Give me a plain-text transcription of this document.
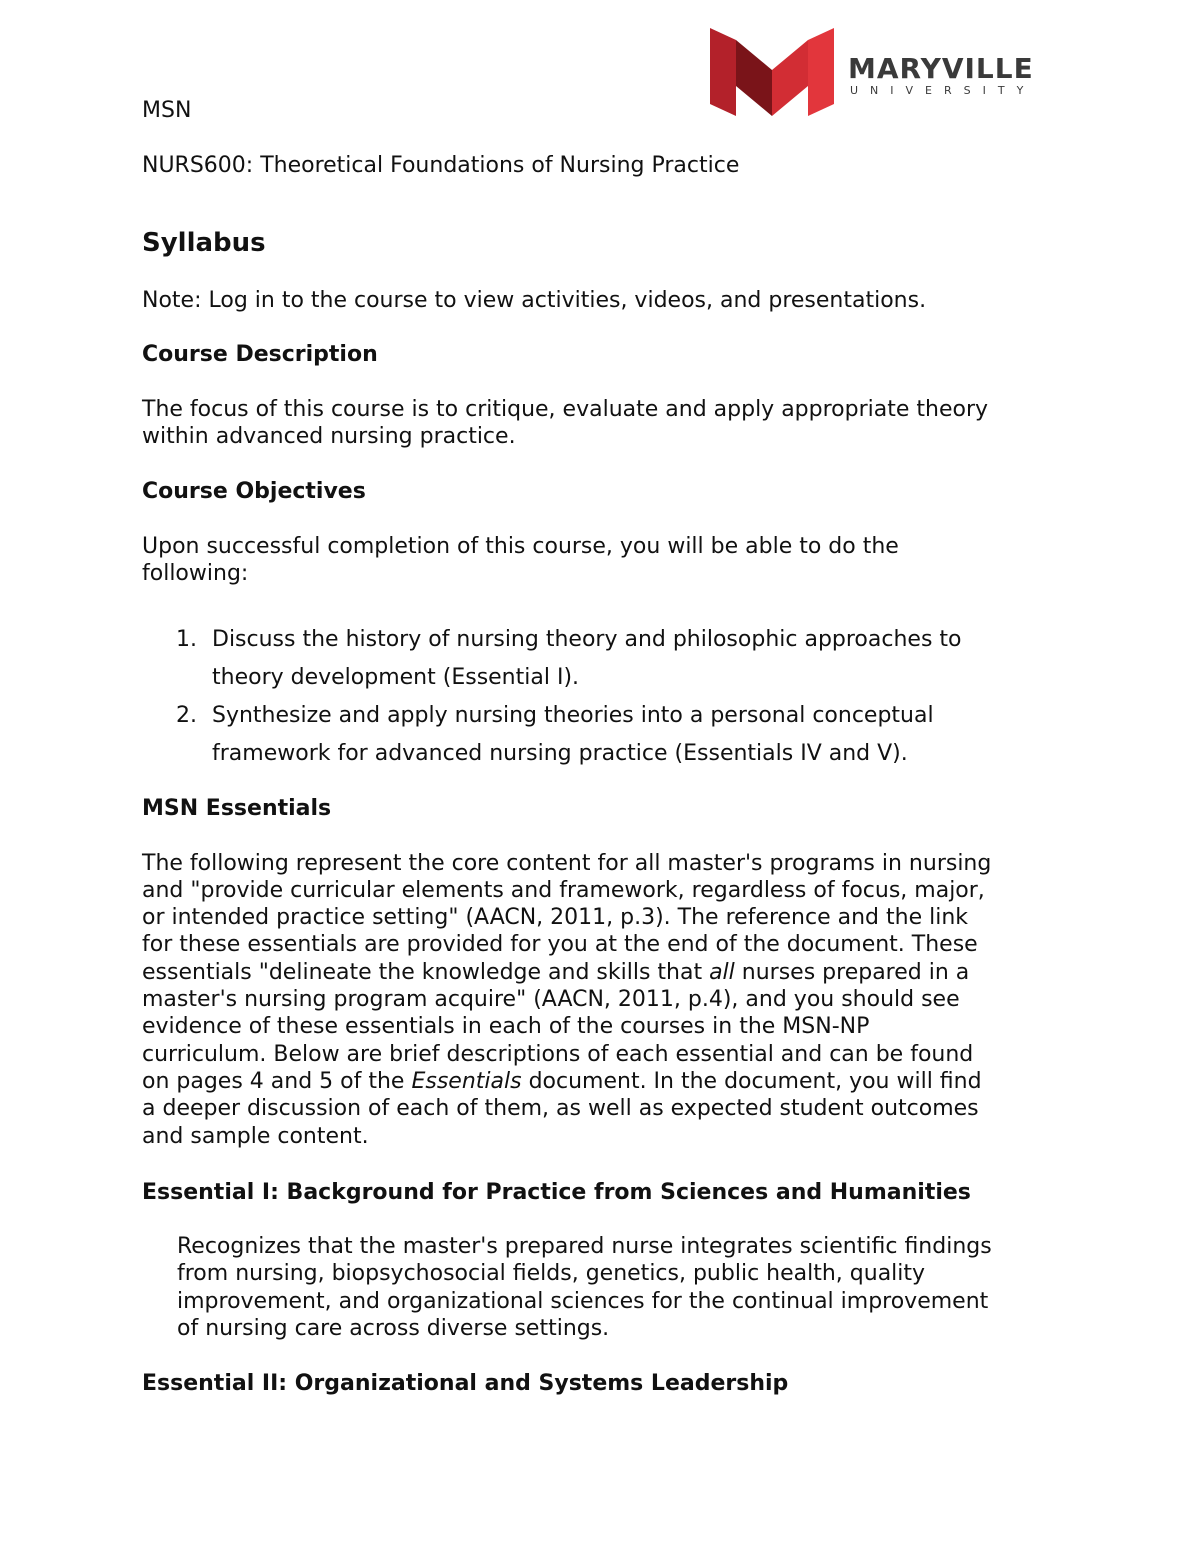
MARYVILLE
UNIVERSITY

MSN

NURS600: Theoretical Foundations of Nursing Practice

Syllabus

Note: Log in to the course to view activities, videos, and presentations.

Course Description

The focus of this course is to critique, evaluate and apply appropriate theory

within advanced nursing practice.

Course Objectives

Upon successful completion of this course, you will be able to do the

following:

1. Discuss the history of nursing theory and philosophic approaches to
theory development (Essential I).
2. Synthesize and apply nursing theories into a personal conceptual
framework for advanced nursing practice (Essentials IV and V).

MSN Essentials

The following represent the core content for all master's programs in nursing

and "provide curricular elements and framework, regardless of focus, major,

or intended practice setting" (AACN, 2011, p.3). The reference and the link

for these essentials are provided for you at the end of the document. These

essentials "delineate the knowledge and skills that all nurses prepared in a

master's nursing program acquire" (AACN, 2011, p.4), and you should see

evidence of these essentials in each of the courses in the MSN-NP

curriculum. Below are brief descriptions of each essential and can be found

on pages 4 and 5 of the Essentials document. In the document, you will find

a deeper discussion of each of them, as well as expected student outcomes

and sample content.

Essential I: Background for Practice from Sciences and Humanities

Recognizes that the master's prepared nurse integrates scientific findings

from nursing, biopsychosocial fields, genetics, public health, quality

improvement, and organizational sciences for the continual improvement

of nursing care across diverse settings.

Essential II: Organizational and Systems Leadership
